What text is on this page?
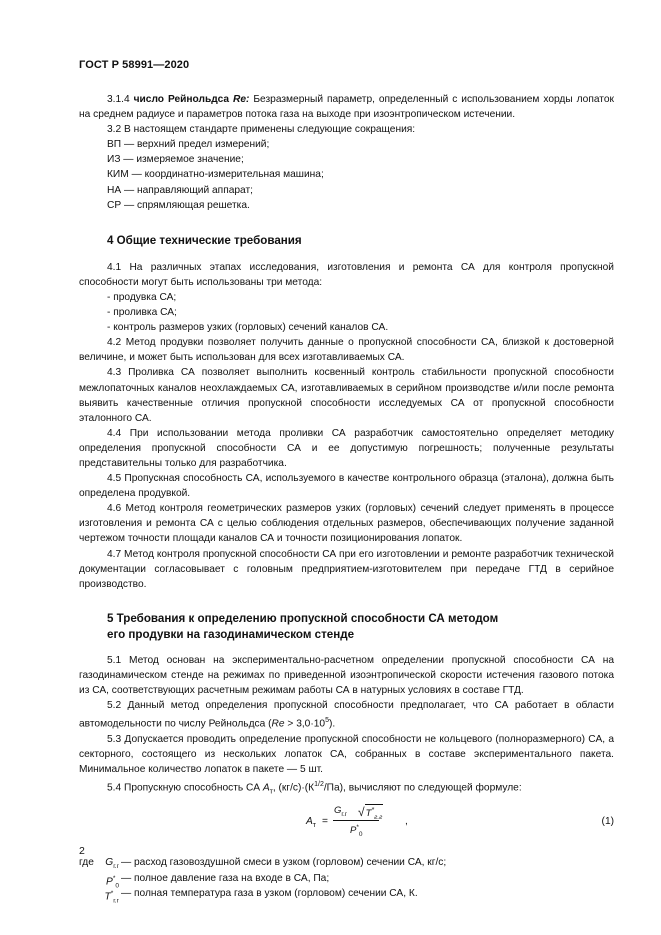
ГОСТ Р 58991—2020

3.1.4 число Рейнольдса Re: Безразмерный параметр, определенный с использованием хорды лопаток на среднем радиусе и параметров потока газа на выходе при изоэнтропическом истечении.

3.2 В настоящем стандарте применены следующие сокращения:

ВП — верхний предел измерений;

ИЗ — измеряемое значение;

КИМ — координатно-измерительная машина;

НА — направляющий аппарат;

СР — спрямляющая решетка.

4 Общие технические требования

4.1 На различных этапах исследования, изготовления и ремонта СА для контроля пропускной способности могут быть использованы три метода:

- продувка СА;

- проливка СА;

- контроль размеров узких (горловых) сечений каналов СА.

4.2 Метод продувки позволяет получить данные о пропускной способности СА, близкой к достоверной величине, и может быть использован для всех изготавливаемых СА.

4.3 Проливка СА позволяет выполнить косвенный контроль стабильности пропускной способности межлопаточных каналов неохлаждаемых СА, изготавливаемых в серийном производстве и/или после ремонта выявить качественные отличия пропускной способности исследуемых СА от пропускной способности эталонного СА.

4.4 При использовании метода проливки СА разработчик самостоятельно определяет методику определения пропускной способности СА и ее допустимую погрешность; полученные результаты представительны только для разработчика.

4.5 Пропускная способность СА, используемого в качестве контрольного образца (эталона), должна быть определена продувкой.

4.6 Метод контроля геометрических размеров узких (горловых) сечений следует применять в процессе изготовления и ремонта СА с целью соблюдения отдельных размеров, обеспечивающих получение заданной чертежом точности площади каналов СА и точности позиционирования лопаток.

4.7 Метод контроля пропускной способности СА при его изготовлении и ремонте разработчик технической документации согласовывает с головным предприятием-изготовителем при передаче ГТД в серийное производство.

5 Требования к определению пропускной способности СА методом
его продувки на газодинамическом стенде

5.1 Метод основан на экспериментально-расчетном определении пропускной способности СА на газодинамическом стенде на режимах по приведенной изоэнтропической скорости истечения газового потока из СА, соответствующих расчетным режимам работы СА в натурных условиях в составе ГТД.

5.2 Данный метод определения пропускной способности предполагает, что СА работает в области автомодельности по числу Рейнольдса $(Re > 3,0\cdot 10^5)$.

5.3 Допускается проводить определение пропускной способности не кольцевого (полноразмерного) СА, а секторного, состоящего из нескольких лопаток СА, собранных в составе экспериментального пакета. Минимальное количество лопаток в пакете — 5 шт.

5.4 Пропускную способность СА $A_т$, $(кг/с)\cdot(К^{1/2}/Па)$, вычисляют по следующей формуле:

$A_т$ =
$G_{г.г}$ $√T^*_{г.г}$
$P^*_0$
,	(1)
где	$G_{г.г}$ — расход газовоздушной смеси в узком (горловом) сечении СА, кг/с;
$P^*_0$
— полное давление газа на входе в СА, Па;
$T^*_{г.г}$
— полная температура газа в узком (горловом) сечении СА, К.
2
